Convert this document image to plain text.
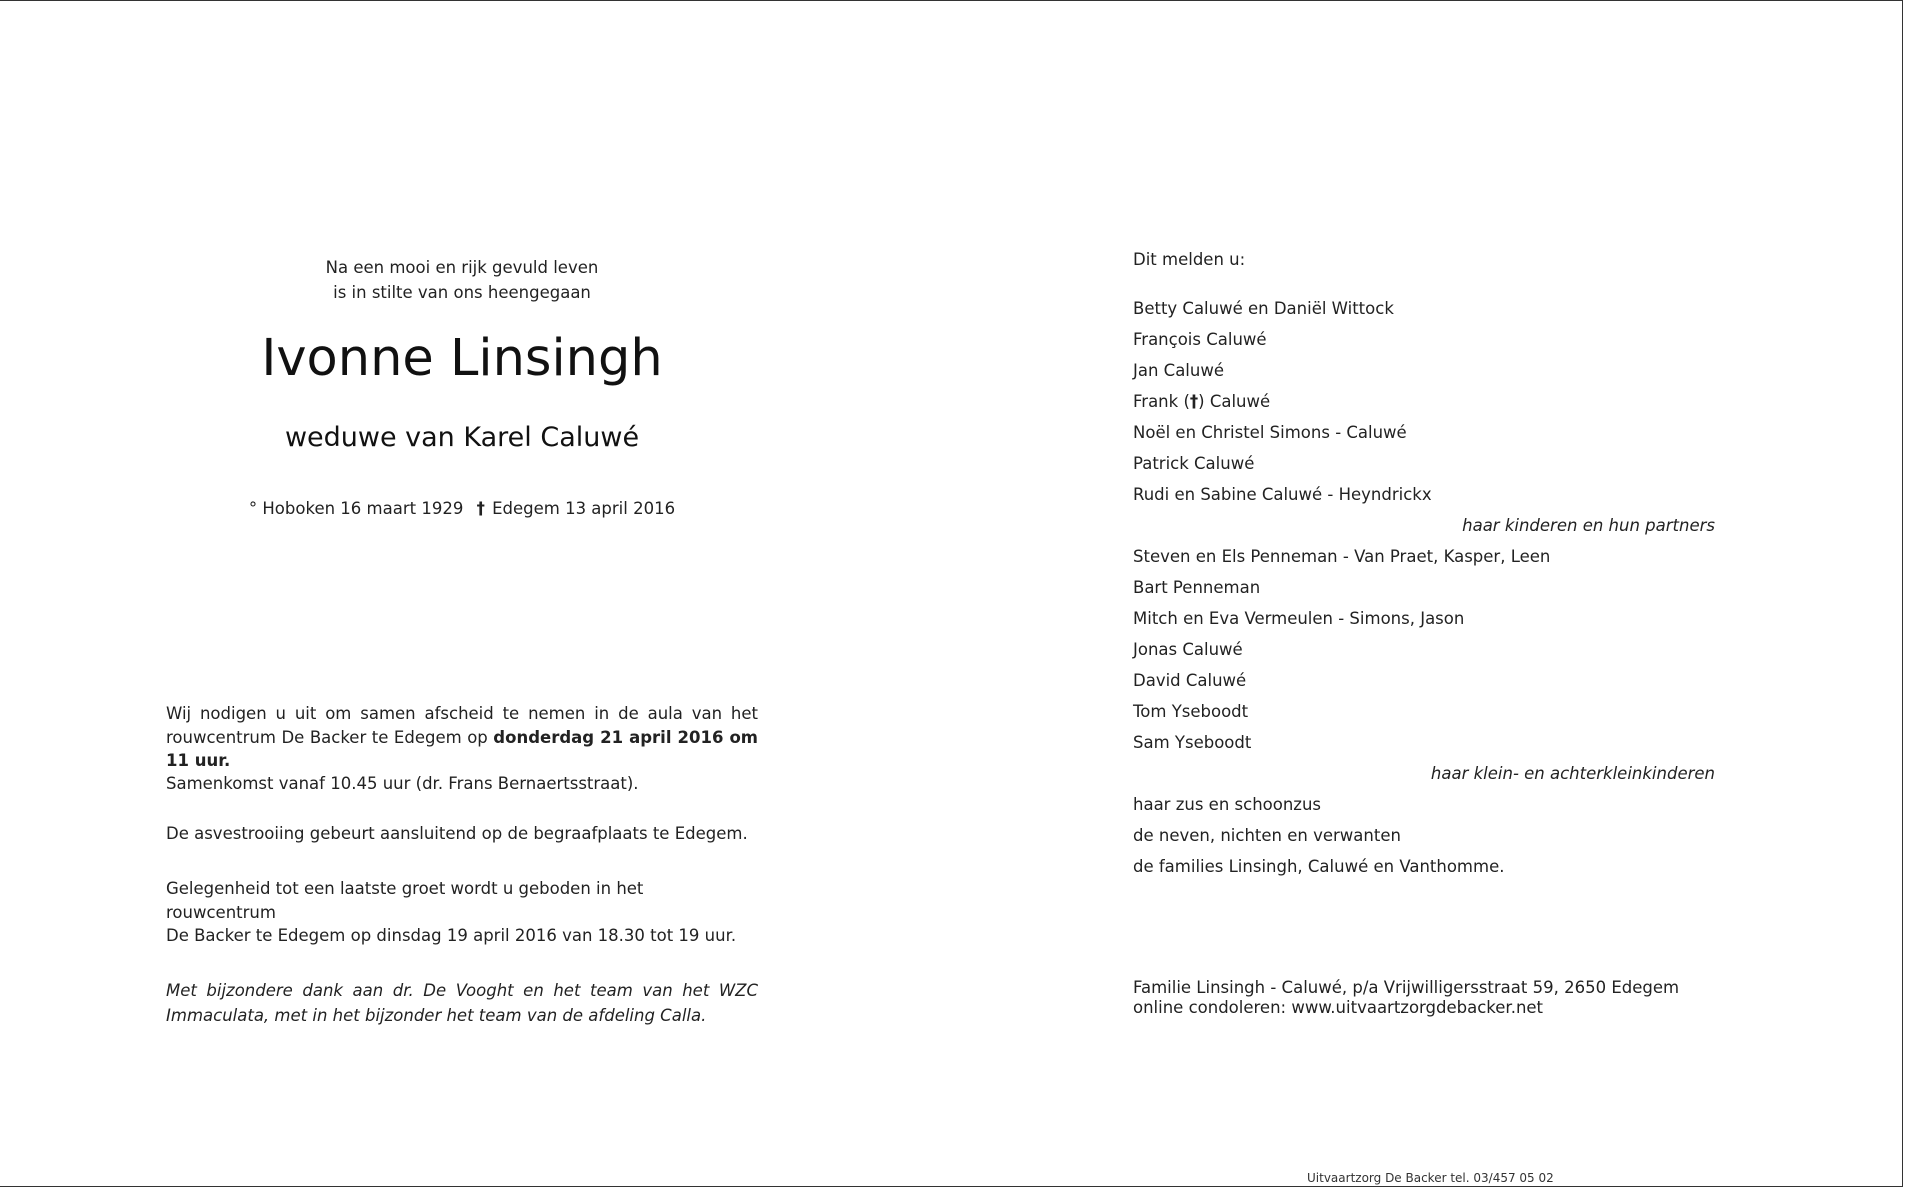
Na een mooi en rijk gevuld leven
is in stilte van ons heengegaan
Ivonne Linsingh
weduwe van Karel Caluwé
° Hoboken 16 maart 1929 † Edegem 13 april 2016
Wij nodigen u uit om samen afscheid te nemen in de aula van het rouwcentrum De Backer te Edegem op donderdag 21 april 2016 om 11 uur.
Samenkomst vanaf 10.45 uur (dr. Frans Bernaertsstraat).
De asvestrooiing gebeurt aansluitend op de begraafplaats te Edegem.
Gelegenheid tot een laatste groet wordt u geboden in het rouwcentrum
De Backer te Edegem op dinsdag 19 april 2016 van 18.30 tot 19 uur.
Met bijzondere dank aan dr. De Vooght en het team van het WZC Immaculata, met in het bijzonder het team van de afdeling Calla.
Dit melden u:
Betty Caluwé en Daniël Wittock
François Caluwé
Jan Caluwé
Frank (†) Caluwé
Noël en Christel Simons - Caluwé
Patrick Caluwé
Rudi en Sabine Caluwé - Heyndrickx
haar kinderen en hun partners
Steven en Els Penneman - Van Praet, Kasper, Leen
Bart Penneman
Mitch en Eva Vermeulen - Simons, Jason
Jonas Caluwé
David Caluwé
Tom Yseboodt
Sam Yseboodt
haar klein- en achterkleinkinderen
haar zus en schoonzus
de neven, nichten en verwanten
de families Linsingh, Caluwé en Vanthomme.
Familie Linsingh - Caluwé, p/a Vrijwilligersstraat 59, 2650 Edegem
online condoleren: www.uitvaartzorgdebacker.net
Uitvaartzorg De Backer tel. 03/457 05 02
